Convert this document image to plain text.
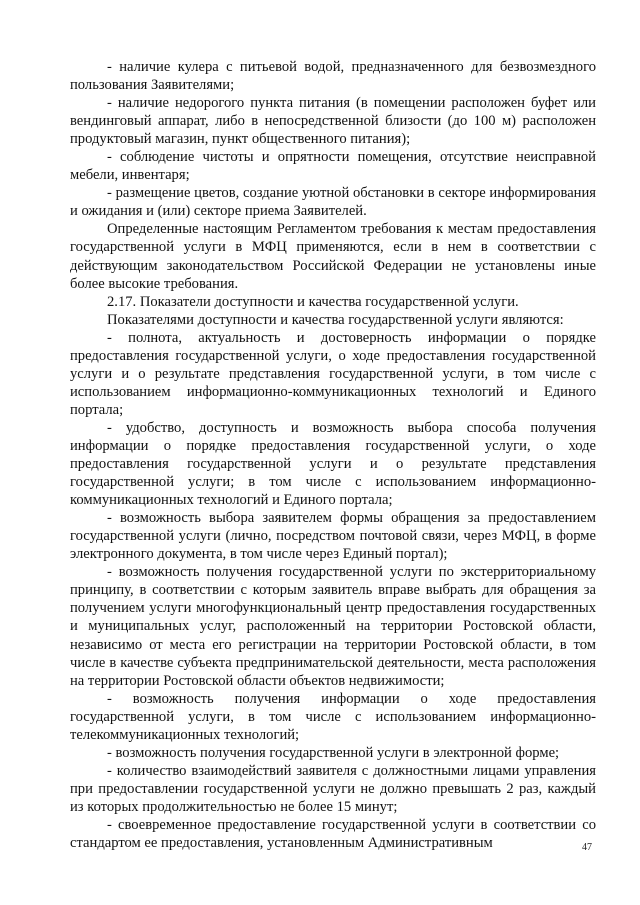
- наличие кулера с питьевой водой, предназначенного для безвозмездного пользования Заявителями;

- наличие недорогого пункта питания (в помещении расположен буфет или вендинговый аппарат, либо в непосредственной близости (до 100 м) расположен продуктовый магазин, пункт общественного питания);

- соблюдение чистоты и опрятности помещения, отсутствие неисправной мебели, инвентаря;

- размещение цветов, создание уютной обстановки в секторе информирования и ожидания и (или) секторе приема Заявителей.

Определенные настоящим Регламентом требования к местам предоставления государственной услуги в МФЦ применяются, если в нем в соответствии с действующим законодательством Российской Федерации не установлены иные более высокие требования.

2.17. Показатели доступности и качества государственной услуги.

Показателями доступности и качества государственной услуги являются:

- полнота, актуальность и достоверность информации о порядке предоставления государственной услуги, о ходе предоставления государственной услуги и о результате представления государственной услуги, в том числе с использованием информационно-коммуникационных технологий и Единого портала;

- удобство, доступность и возможность выбора способа получения информации о порядке предоставления государственной услуги, о ходе предоставления государственной услуги и о результате представления государственной услуги; в том числе с использованием информационно-коммуникационных технологий и Единого портала;

- возможность выбора заявителем формы обращения за предоставлением государственной услуги (лично, посредством почтовой связи, через МФЦ, в форме электронного документа, в том числе через Единый портал);

- возможность получения государственной услуги по экстерриториальному принципу, в соответствии с которым заявитель вправе выбрать для обращения за получением услуги многофункциональный центр предоставления государственных и муниципальных услуг, расположенный на территории Ростовской области, независимо от места его регистрации на территории Ростовской области, в том числе в качестве субъекта предпринимательской деятельности, места расположения на территории Ростовской области объектов недвижимости;

- возможность получения информации о ходе предоставления государственной услуги, в том числе с использованием информационно-телекоммуникационных технологий;

- возможность получения государственной услуги в электронной форме;

- количество взаимодействий заявителя с должностными лицами управления при предоставлении государственной услуги не должно превышать 2 раз, каждый из которых продолжительностью не более 15 минут;

- своевременное предоставление государственной услуги в соответствии со стандартом ее предоставления, установленным Административным	47
